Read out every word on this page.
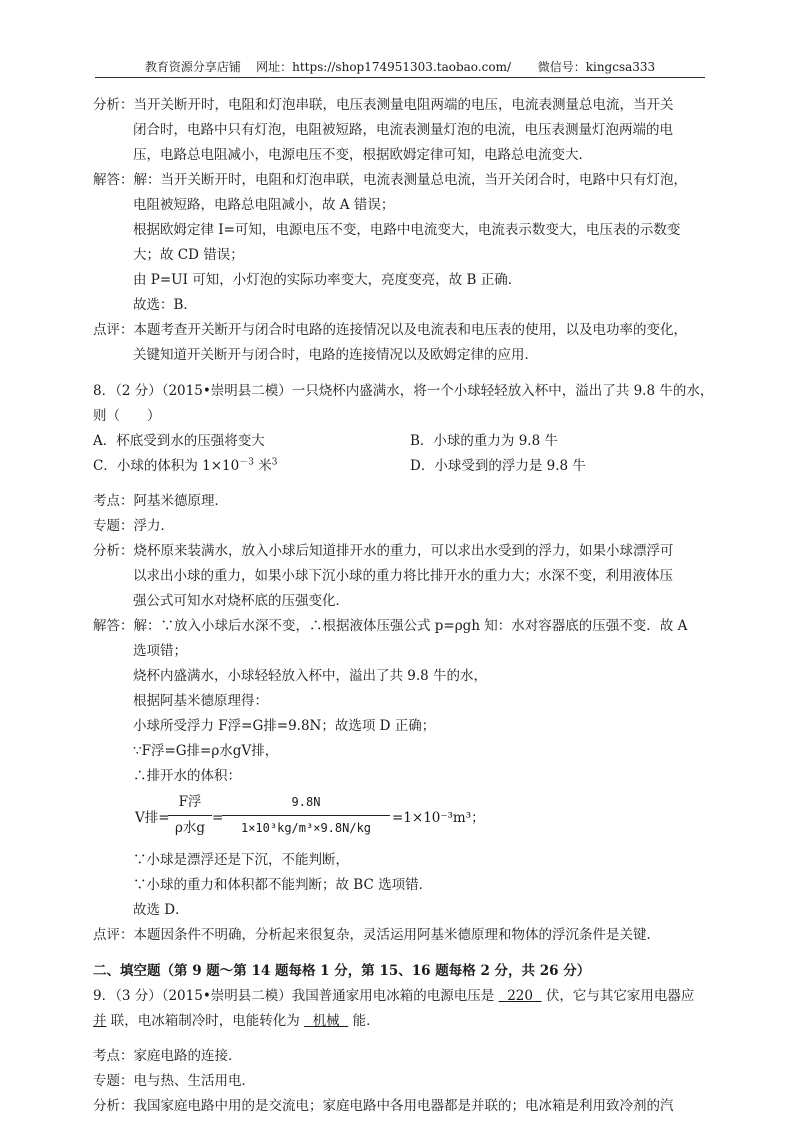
教育资源分享店铺 网址：https://shop174951303.taobao.com/ 微信号：kingcsa333
分析：当开关断开时，电阻和灯泡串联，电压表测量电阻两端的电压，电流表测量总电流，当开关
闭合时，电路中只有灯泡，电阻被短路，电流表测量灯泡的电流，电压表测量灯泡两端的电
压，电路总电阻减小，电源电压不变，根据欧姆定律可知，电路总电流变大．
解答：解：当开关断开时，电阻和灯泡串联，电流表测量总电流，当开关闭合时，电路中只有灯泡，
电阻被短路，电路总电阻减小，故 A 错误；
根据欧姆定律 I=可知，电源电压不变，电路中电流变大，电流表示数变大，电压表的示数变
大；故 CD 错误；
由 P=UI 可知，小灯泡的实际功率变大，亮度变亮，故 B 正确．
故选：B．
点评：本题考查开关断开与闭合时电路的连接情况以及电流表和电压表的使用，以及电功率的变化，
关键知道开关断开与闭合时，电路的连接情况以及欧姆定律的应用．
8．（2 分）（2015•崇明县二模）一只烧杯内盛满水，将一个小球轻轻放入杯中，溢出了共 9.8 牛的水，
则（　　）
A．杯底受到水的压强将变大	B．小球的重力为 9.8 牛
C．小球的体积为 $1\times 10^{-3}$ 米$^3$	D．小球受到的浮力是 9.8 牛
考点：阿基米德原理．
专题：浮力．
分析：烧杯原来装满水，放入小球后知道排开水的重力，可以求出水受到的浮力，如果小球漂浮可
以求出小球的重力，如果小球下沉小球的重力将比排开水的重力大；水深不变，利用液体压
强公式可知水对烧杯底的压强变化．
解答：解：∵放入小球后水深不变，∴根据液体压强公式 p=ρgh 知：水对容器底的压强不变．故 A
选项错；
烧杯内盛满水，小球轻轻放入杯中，溢出了共 9.8 牛的水，
根据阿基米德原理得：
小球所受浮力 F浮=G排=9.8N；故选项 D 正确；
∵F浮=G排=ρ水gV排，
∴排开水的体积：
V排=
F浮
ρ水g
=
9.8N
1×10³kg/m³×9.8N/kg
=1×10⁻³m³；
∵小球是漂浮还是下沉，不能判断，
∵小球的重力和体积都不能判断；故 BC 选项错．
故选 D．
点评：本题因条件不明确，分析起来很复杂，灵活运用阿基米德原理和物体的浮沉条件是关键．
二、填空题（第 9 题～第 14 题每格 1 分，第 15、16 题每格 2 分，共 26 分）
9．（3 分）（2015•崇明县二模）我国普通家用电冰箱的电源电压是 220 伏，它与其它家用电器应
并 联，电冰箱制冷时，电能转化为 机械 能．
考点：家庭电路的连接．
专题：电与热、生活用电．
分析：我国家庭电路中用的是交流电；家庭电路中各用电器都是并联的；电冰箱是利用致冷剂的汽
